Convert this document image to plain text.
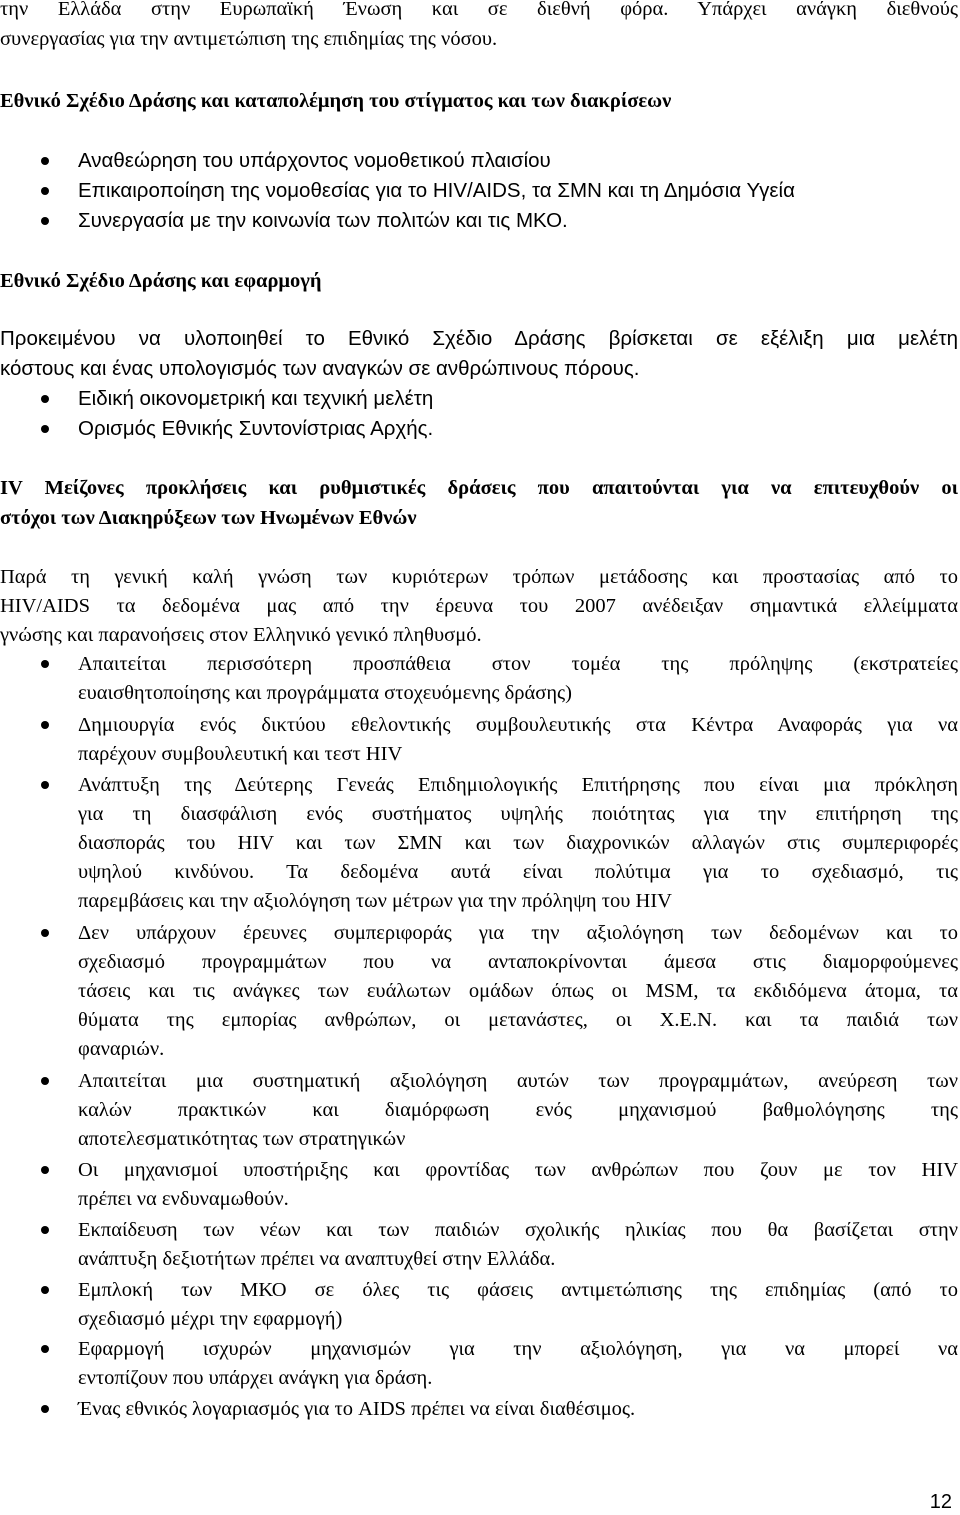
την Ελλάδα στην Ευρωπαϊκή Ένωση και σε διεθνή φόρα. Υπάρχει ανάγκη διεθνούς
συνεργασίας για την αντιμετώπιση της επιδημίας της νόσου.
Εθνικό Σχέδιο Δράσης και καταπολέμηση του στίγματος και των διακρίσεων
Αναθεώρηση του υπάρχοντος νομοθετικού πλαισίου
Επικαιροποίηση της νομοθεσίας για το HIV/AIDS, τα ΣΜΝ και τη Δημόσια Υγεία
Συνεργασία με την κοινωνία των πολιτών και τις ΜΚΟ.
Εθνικό Σχέδιο Δράσης και εφαρμογή
Προκειμένου να υλοποιηθεί το Εθνικό Σχέδιο Δράσης βρίσκεται σε εξέλιξη μια μελέτη
κόστους και ένας υπολογισμός των αναγκών σε ανθρώπινους πόρους.
Ειδική οικονομετρική και τεχνική μελέτη
Ορισμός Εθνικής Συντονίστριας Αρχής.
IV Μείζονες προκλήσεις και ρυθμιστικές δράσεις που απαιτούνται για να επιτευχθούν οι
στόχοι των Διακηρύξεων των Ηνωμένων Εθνών
Παρά τη γενική καλή γνώση των κυριότερων τρόπων μετάδοσης και προστασίας από το
HIV/AIDS τα δεδομένα μας από την έρευνα του 2007 ανέδειξαν σημαντικά ελλείμματα
γνώσης και παρανοήσεις στον Ελληνικό γενικό πληθυσμό.
Απαιτείται περισσότερη προσπάθεια στον τομέα της πρόληψης (εκστρατείες
ευαισθητοποίησης και προγράμματα στοχευόμενης δράσης)
Δημιουργία ενός δικτύου εθελοντικής συμβουλευτικής στα Κέντρα Αναφοράς για να
παρέχουν συμβουλευτική και τεστ HIV
Ανάπτυξη της Δεύτερης Γενεάς Επιδημιολογικής Επιτήρησης που είναι μια πρόκληση
για τη διασφάλιση ενός συστήματος υψηλής ποιότητας για την επιτήρηση της
διασποράς του HIV και των ΣΜΝ και των διαχρονικών αλλαγών στις συμπεριφορές
υψηλού κινδύνου. Τα δεδομένα αυτά είναι πολύτιμα για το σχεδιασμό, τις
παρεμβάσεις και την αξιολόγηση των μέτρων για την πρόληψη του HIV
Δεν υπάρχουν έρευνες συμπεριφοράς για την αξιολόγηση των δεδομένων και το
σχεδιασμό προγραμμάτων που να ανταποκρίνονται άμεσα στις διαμορφούμενες
τάσεις και τις ανάγκες των ευάλωτων ομάδων όπως οι MSM, τα εκδιδόμενα άτομα, τα
θύματα της εμπορίας ανθρώπων, οι μετανάστες, οι Χ.Ε.Ν. και τα παιδιά των
φαναριών.
Απαιτείται μια συστηματική αξιολόγηση αυτών των προγραμμάτων, ανεύρεση των
καλών πρακτικών και διαμόρφωση ενός μηχανισμού βαθμολόγησης της
αποτελεσματικότητας των στρατηγικών
Οι μηχανισμοί υποστήριξης και φροντίδας των ανθρώπων που ζουν με τον HIV
πρέπει να ενδυναμωθούν.
Εκπαίδευση των νέων και των παιδιών σχολικής ηλικίας που θα βασίζεται στην
ανάπτυξη δεξιοτήτων πρέπει να αναπτυχθεί στην Ελλάδα.
Εμπλοκή των ΜΚΟ σε όλες τις φάσεις αντιμετώπισης της επιδημίας (από το
σχεδιασμό μέχρι την εφαρμογή)
Εφαρμογή ισχυρών μηχανισμών για την αξιολόγηση, για να μπορεί να
εντοπίζουν που υπάρχει ανάγκη για δράση.
Ένας εθνικός λογαριασμός για το AIDS πρέπει να είναι διαθέσιμος.
12
